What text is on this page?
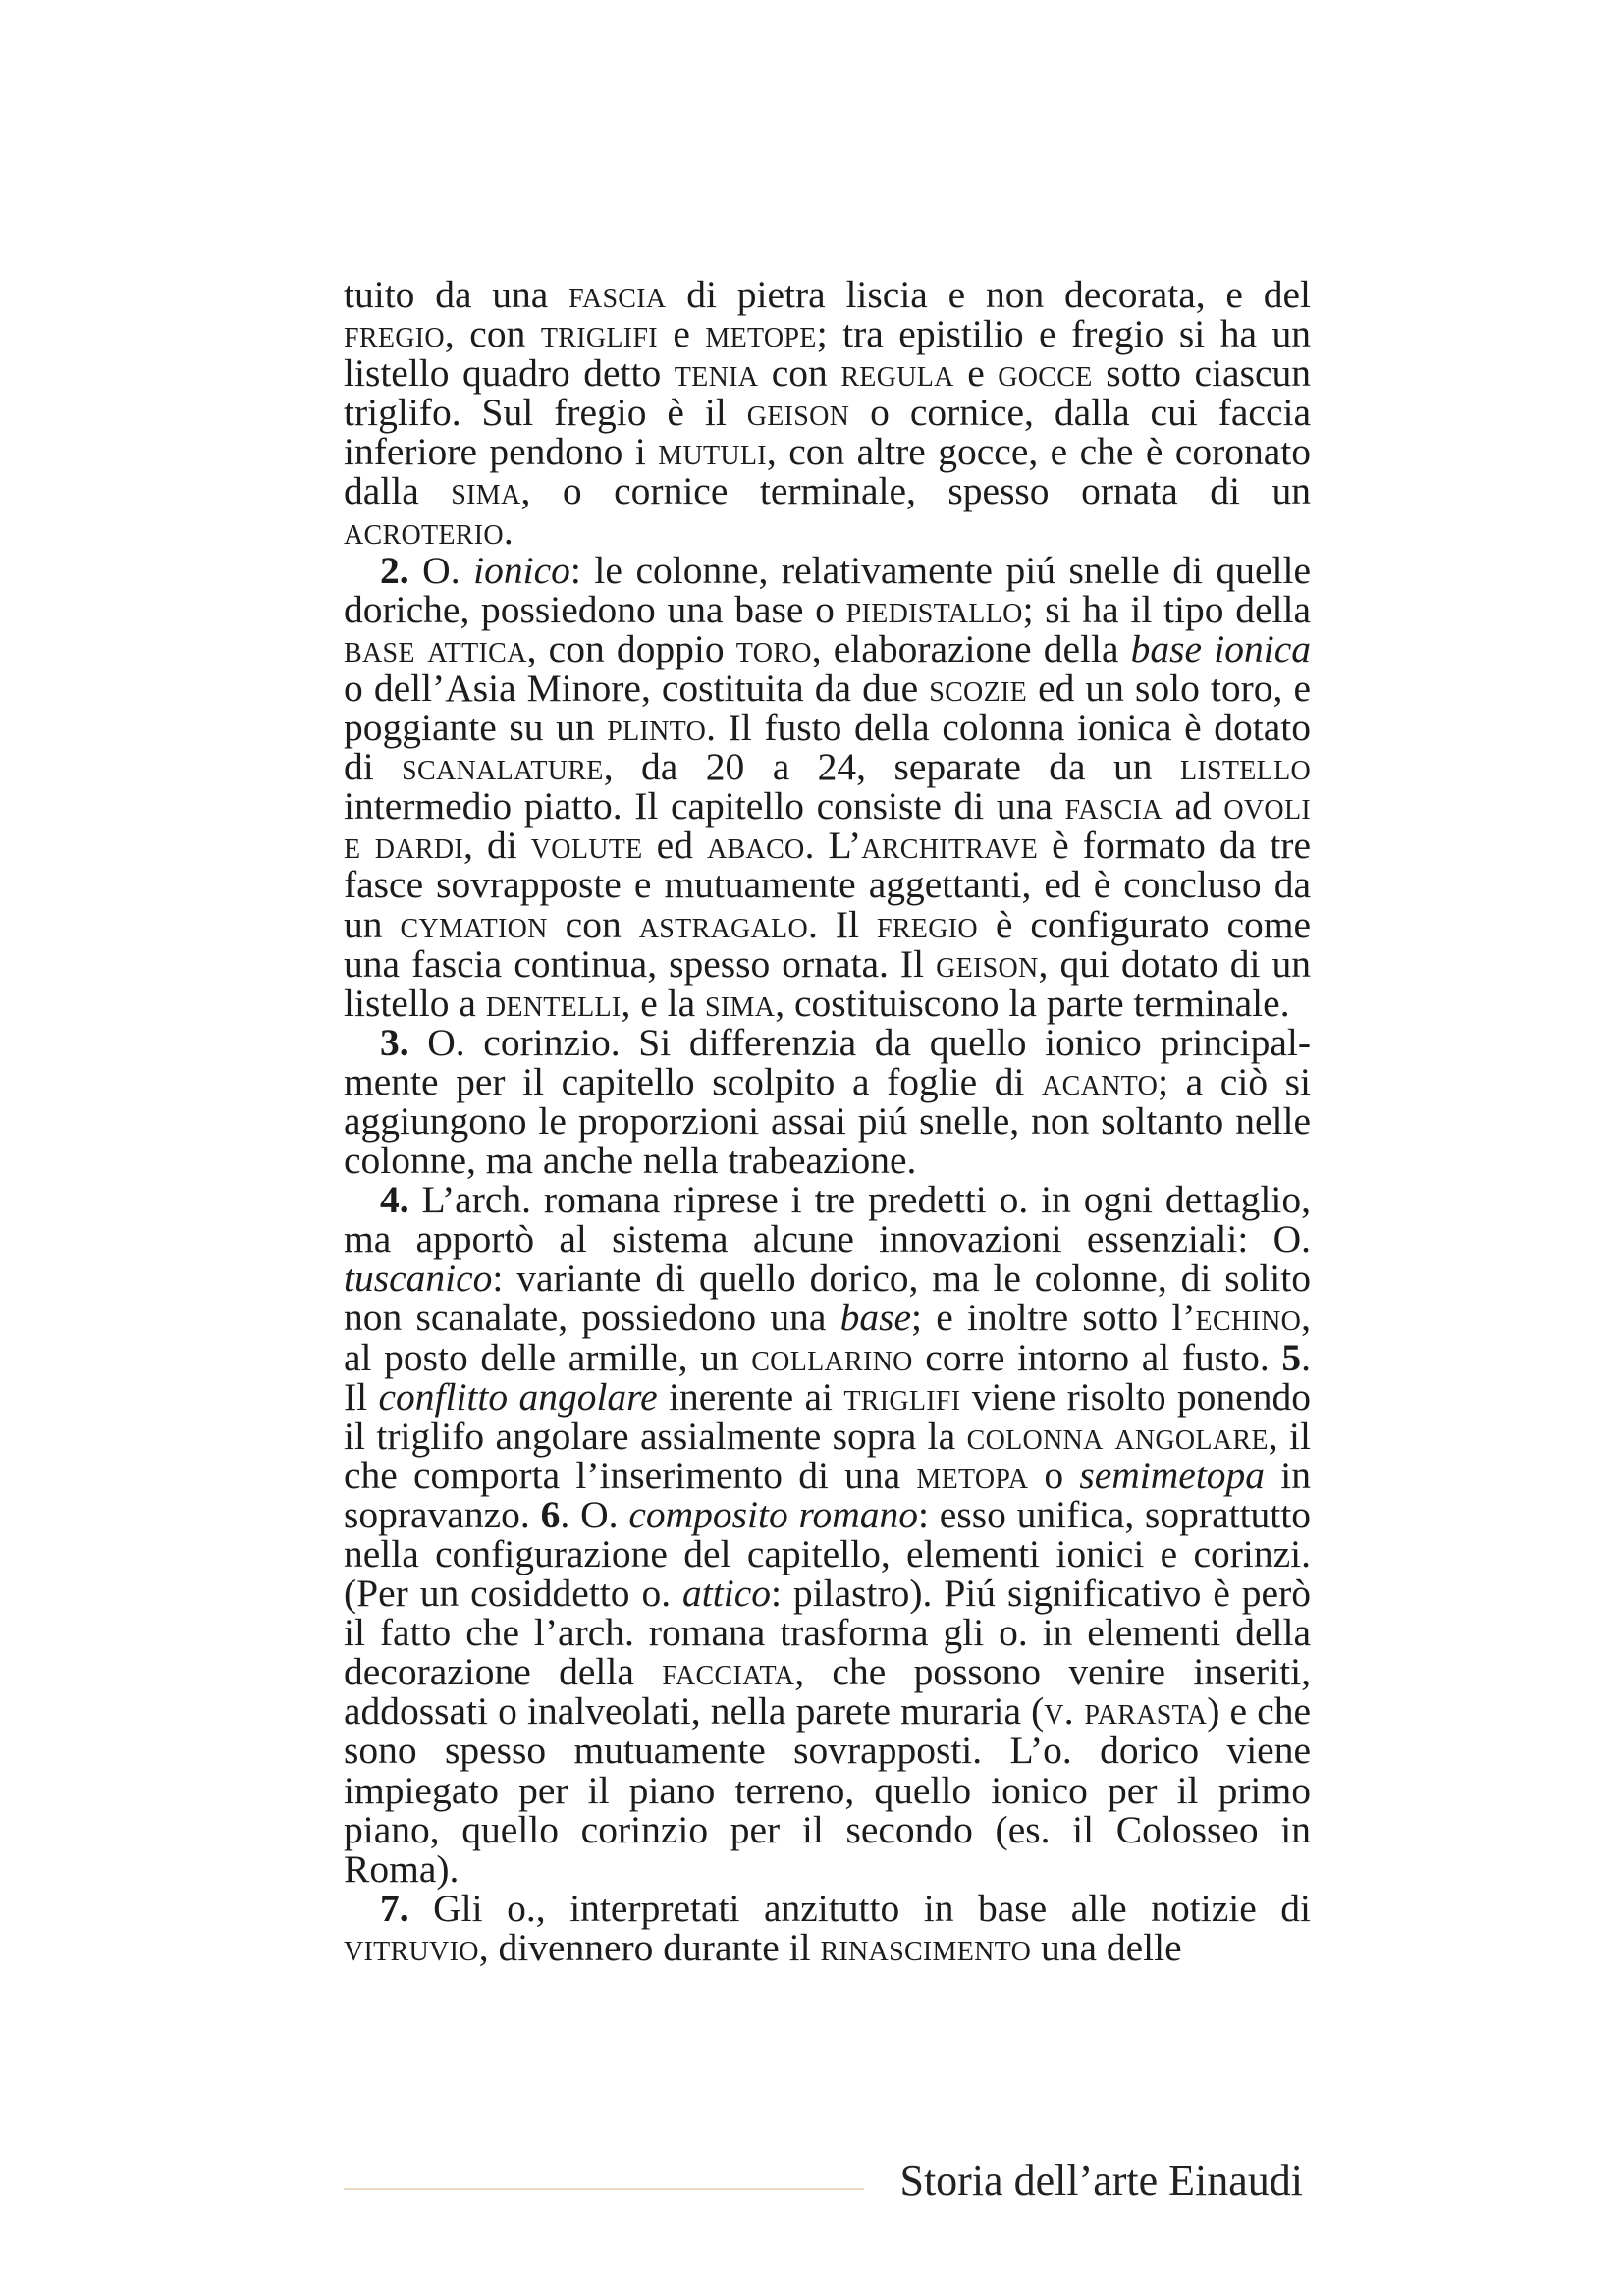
tuito da una fascia di pietra liscia e non decorata, e del fregio, con triglifi e metope; tra epistilio e fregio si ha un listello quadro detto tenia con regula e gocce sotto ciascun triglifo. Sul fregio è il geison o cornice, dalla cui faccia inferiore pendono i mutuli, con altre gocce, e che è coronato dalla sima, o cornice terminale, spesso ornata di un acroterio.

2. O. ionico: le colonne, relativamente piú snelle di quelle doriche, possiedono una base o piedistallo; si ha il tipo della base attica, con doppio toro, elaborazione della base ionica o dell’Asia Minore, costituita da due scozie ed un solo toro, e poggiante su un plinto. Il fusto della colonna ionica è dotato di scanalature, da 20 a 24, separate da un listello intermedio piatto. Il capitello consiste di una fascia ad ovoli e dardi, di volute ed abaco. L’architrave è formato da tre fasce sovrapposte e mutuamente aggettanti, ed è concluso da un cymation con astragalo. Il fregio è configurato come una fascia continua, spesso ornata. Il geison, qui dotato di un listello a dentelli, e la sima, costituiscono la parte terminale.

3. O. corinzio. Si differenzia da quello ionico principalmente per il capitello scolpito a foglie di acanto; a ciò si aggiungono le proporzioni assai piú snelle, non soltanto nelle colonne, ma anche nella trabeazione.

4. L’arch. romana riprese i tre predetti o. in ogni dettaglio, ma apportò al sistema alcune innovazioni essenziali: O. tuscanico: variante di quello dorico, ma le colonne, di solito non scanalate, possiedono una base; e inoltre sotto l’echino, al posto delle armille, un collarino corre intorno al fusto. 5. Il conflitto angolare inerente ai triglifi viene risolto ponendo il triglifo angolare assialmente sopra la colonna angolare, il che comporta l’inserimento di una metopa o semimetopa in sopravanzo. 6. O. composito romano: esso unifica, soprattutto nella configurazione del capitello, elementi ionici e corinzi. (Per un cosiddetto o. attico: pilastro). Piú significativo è però il fatto che l’arch. romana trasforma gli o. in elementi della decorazione della facciata, che possono venire inseriti, addossati o inalveolati, nella parete muraria (v. parasta) e che sono spesso mutuamente sovrapposti. L’o. dorico viene impiegato per il piano terreno, quello ionico per il primo piano, quello corinzio per il secondo (es. il Colosseo in Roma).

7. Gli o., interpretati anzitutto in base alle notizie di vitruvio, divennero durante il rinascimento una delle

Storia dell’arte Einaudi
